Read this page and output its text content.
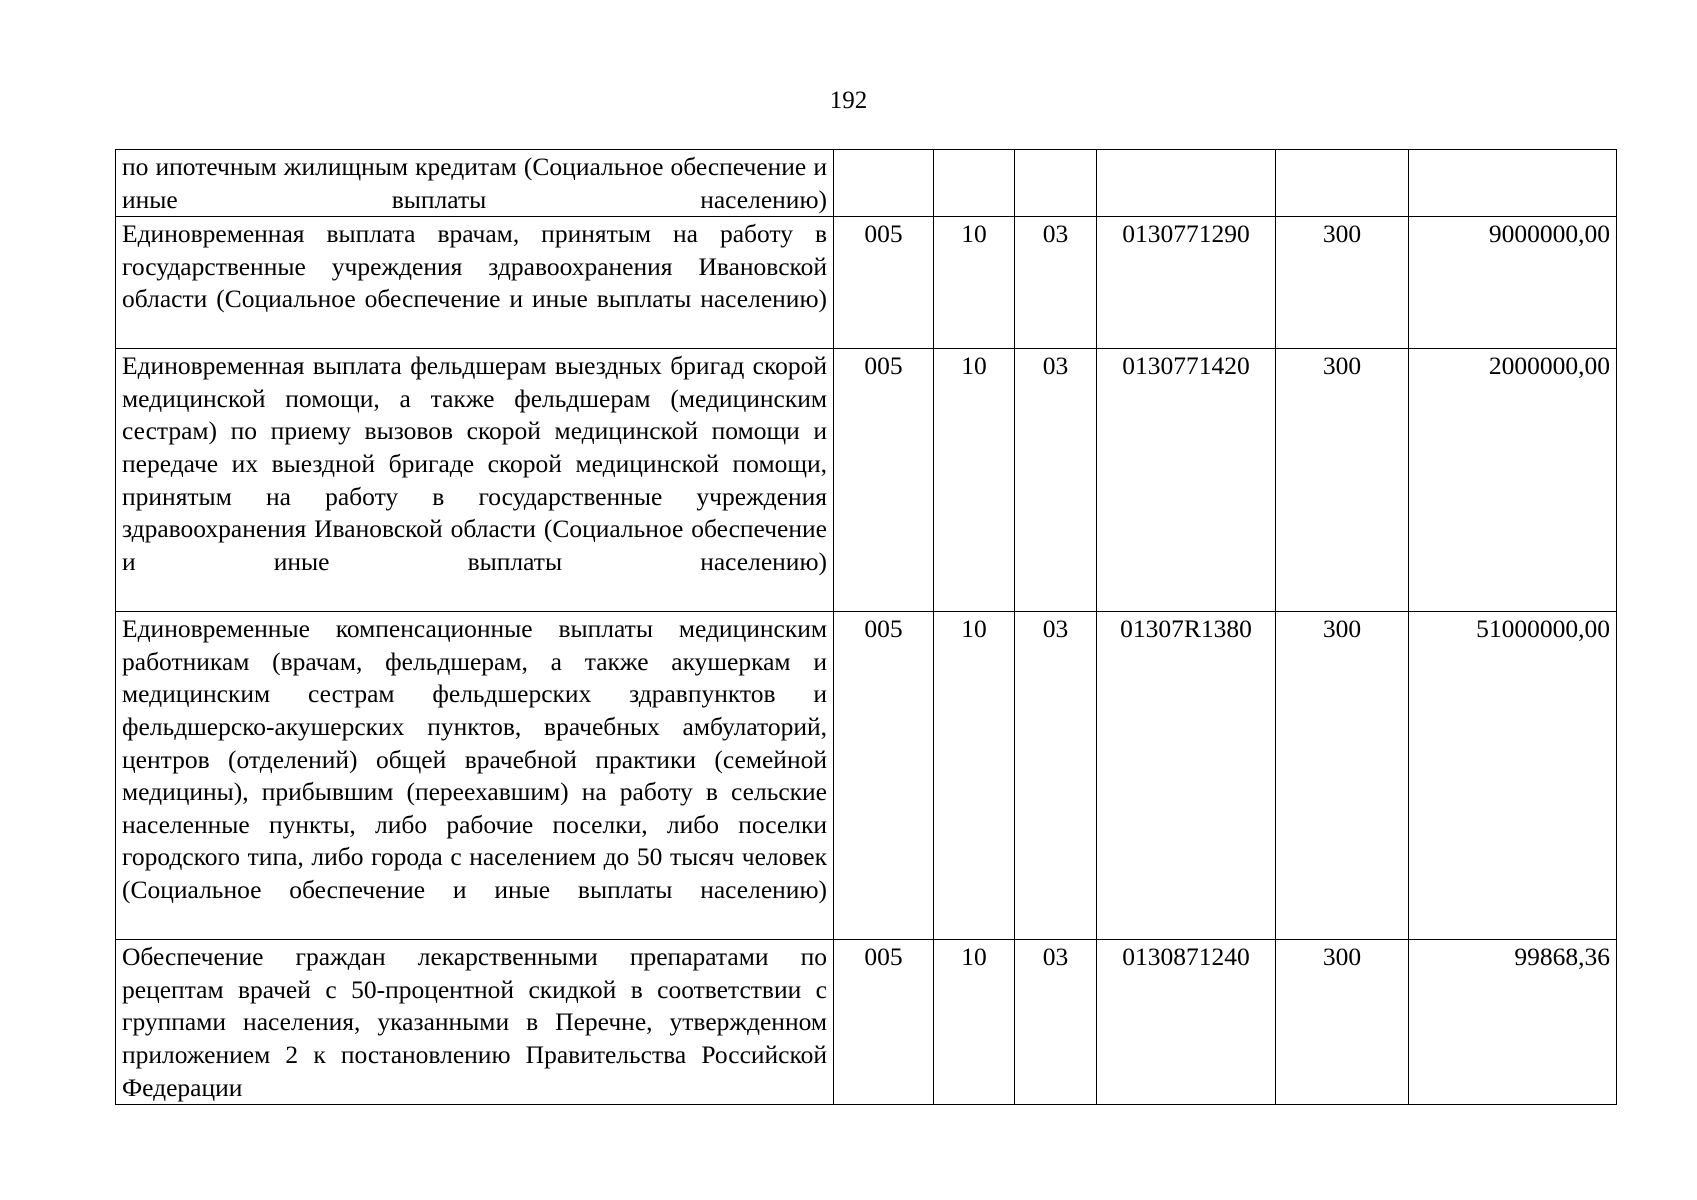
192
по ипотечным жилищным кредитам (Социальное обеспечение и иные выплаты населению)						

Единовременная выплата врачам, принятым на работу в государственные учреждения здравоохранения Ивановской области (Социальное обеспечение и иные выплаты населению)	005	10	03	0130771290	300	9000000,00

Единовременная выплата фельдшерам выездных бригад скорой медицинской помощи, а также фельдшерам (медицинским сестрам) по приему вызовов скорой медицинской помощи и передаче их выездной бригаде скорой медицинской помощи, принятым на работу в государственные учреждения здравоохранения Ивановской области (Социальное обеспечение и иные выплаты населению)	005	10	03	0130771420	300	2000000,00

Единовременные компенсационные выплаты медицинским работникам (врачам, фельдшерам, а также акушеркам и медицинским сестрам фельдшерских здравпунктов и фельдшерско-акушерских пунктов, врачебных амбулаторий, центров (отделений) общей врачебной практики (семейной медицины), прибывшим (переехавшим) на работу в сельские населенные пункты, либо рабочие поселки, либо поселки городского типа, либо города с населением до 50 тысяч человек (Социальное обеспечение и иные выплаты населению)	005	10	03	01307R1380	300	51000000,00

Обеспечение граждан лекарственными препаратами по рецептам врачей с 50-процентной скидкой в соответствии с группами населения, указанными в Перечне, утвержденном приложением 2 к постановлению Правительства Российской Федерации	005	10	03	0130871240	300	99868,36
